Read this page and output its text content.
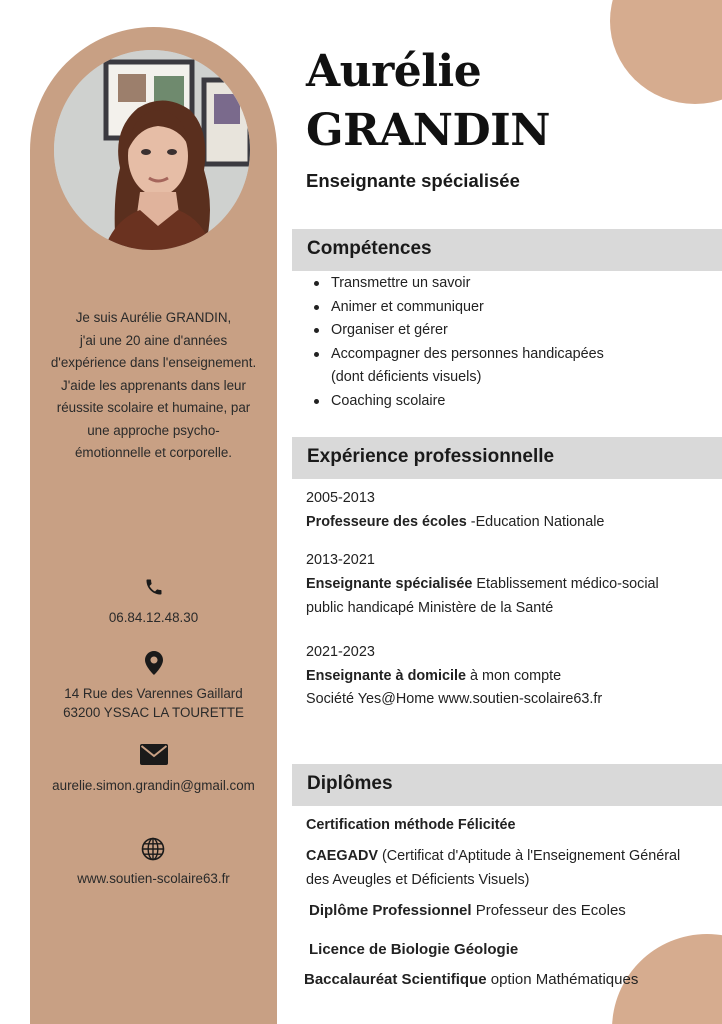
Je suis Aurélie GRANDIN,
j'ai une 20 aine d'années
d'expérience dans l'enseignement.
J'aide les apprenants dans leur
réussite scolaire et humaine, par
une approche psycho-
émotionnelle et corporelle.
06.84.12.48.30
14 Rue des Varennes Gaillard
63200 YSSAC LA TOURETTE
aurelie.simon.grandin@gmail.com
www.soutien-scolaire63.fr
Aurélie
GRANDIN
Enseignante spécialisée
Compétences
Transmettre un savoir
Animer et communiquer
Organiser et gérer
Accompagner des personnes handicapées
(dont déficients visuels)
Coaching scolaire
Expérience professionnelle
2005-2013
Professeure des écoles -Education Nationale
2013-2021
Enseignante spécialisée Etablissement médico-social
public handicapé Ministère de la Santé
2021-2023
Enseignante à domicile à mon compte
Société Yes@Home www.soutien-scolaire63.fr
Diplômes
Certification méthode Félicitée
CAEGADV (Certificat d'Aptitude à l'Enseignement Général
des Aveugles et Déficients Visuels)
Diplôme Professionnel Professeur des Ecoles
Licence de Biologie Géologie
Baccalauréat Scientifique option Mathématiques
